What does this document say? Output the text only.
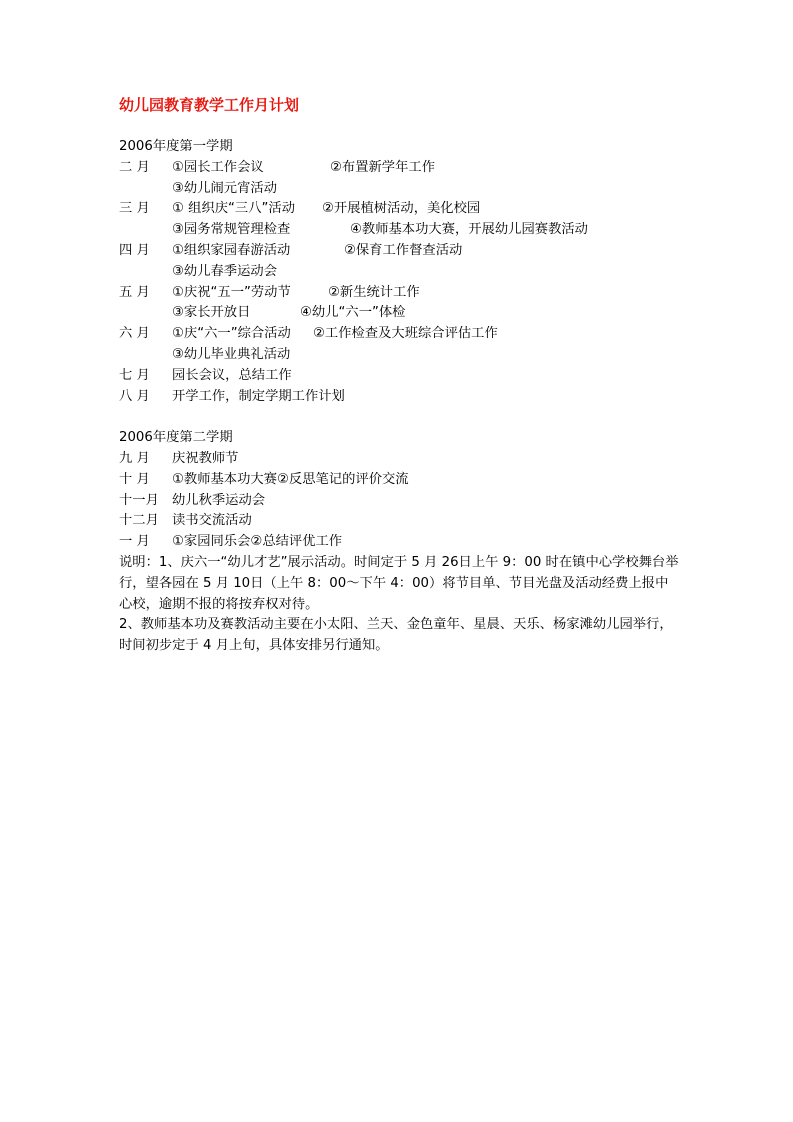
幼儿园教育教学工作月计划
2006年度第一学期
二 月 ①园长工作会议	②布置新学年工作
③幼儿闹元宵活动
三 月 ① 组织庆“三八”活动 ②开展植树活动，美化校园
③园务常规管理检查	④教师基本功大赛，开展幼儿园赛教活动
四 月 ①组织家园春游活动	②保育工作督查活动
③幼儿春季运动会
五 月 ①庆祝“五一”劳动节	②新生统计工作
③家长开放日	④幼儿“六一”体检
六 月 ①庆“六一”综合活动 ②工作检查及大班综合评估工作
③幼儿毕业典礼活动
七 月 园长会议，总结工作
八 月 开学工作，制定学期工作计划
2006年度第二学期
九 月 庆祝教师节
十 月 ①教师基本功大赛②反思笔记的评价交流
十一月 幼儿秋季运动会
十二月 读书交流活动
一 月 ①家园同乐会②总结评优工作
说明：1、庆六一“幼儿才艺”展示活动。时间定于 5 月 26日上午 9：00 时在镇中心学校舞台举行，望各园在 5 月 10日（上午 8：00～下午 4：00）将节目单、节目光盘及活动经费上报中心校，逾期不报的将按弃权对待。
2、教师基本功及赛教活动主要在小太阳、兰天、金色童年、星晨、天乐、杨家滩幼儿园举行，时间初步定于 4 月上旬，具体安排另行通知。
